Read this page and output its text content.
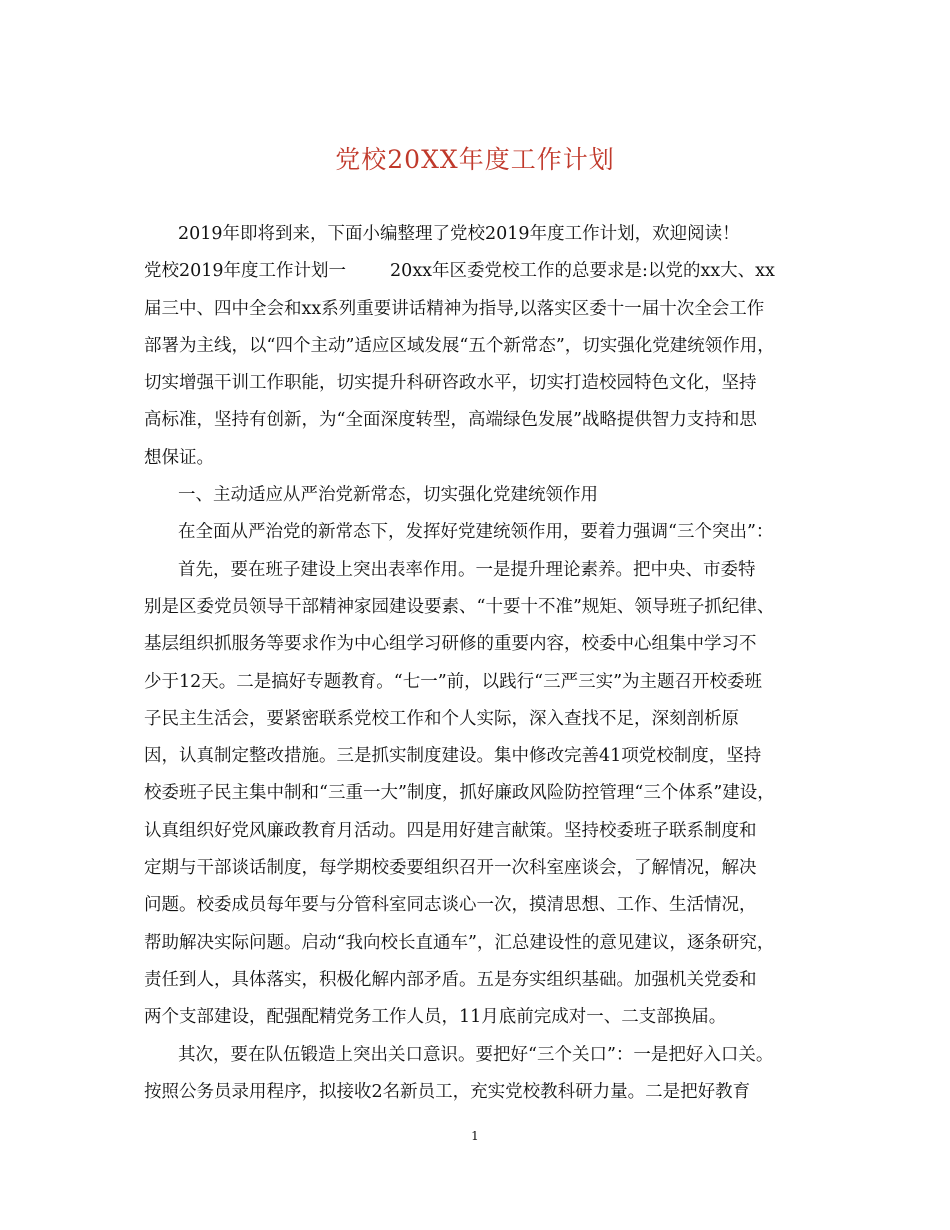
党校20XX年度工作计划
2019年即将到来，下面小编整理了党校2019年度工作计划，欢迎阅读！
党校2019年度工作计划一	20xx年区委党校工作的总要求是:以党的xx大、xx
届三中、四中全会和xx系列重要讲话精神为指导,以落实区委十一届十次全会工作
部署为主线，以“四个主动”适应区域发展“五个新常态”，切实强化党建统领作用，
切实增强干训工作职能，切实提升科研咨政水平，切实打造校园特色文化，坚持
高标准，坚持有创新，为“全面深度转型，高端绿色发展”战略提供智力支持和思
想保证。
一、主动适应从严治党新常态，切实强化党建统领作用
在全面从严治党的新常态下，发挥好党建统领作用，要着力强调“三个突出”：
首先，要在班子建设上突出表率作用。一是提升理论素养。把中央、市委特
别是区委党员领导干部精神家园建设要素、“十要十不准”规矩、领导班子抓纪律、
基层组织抓服务等要求作为中心组学习研修的重要内容，校委中心组集中学习不
少于12天。二是搞好专题教育。“七一”前，以践行“三严三实”为主题召开校委班
子民主生活会，要紧密联系党校工作和个人实际，深入查找不足，深刻剖析原
因，认真制定整改措施。三是抓实制度建设。集中修改完善41项党校制度，坚持
校委班子民主集中制和“三重一大”制度，抓好廉政风险防控管理“三个体系”建设，
认真组织好党风廉政教育月活动。四是用好建言献策。坚持校委班子联系制度和
定期与干部谈话制度，每学期校委要组织召开一次科室座谈会，了解情况，解决
问题。校委成员每年要与分管科室同志谈心一次，摸清思想、工作、生活情况，
帮助解决实际问题。启动“我向校长直通车”，汇总建设性的意见建议，逐条研究，
责任到人，具体落实，积极化解内部矛盾。五是夯实组织基础。加强机关党委和
两个支部建设，配强配精党务工作人员，11月底前完成对一、二支部换届。
其次，要在队伍锻造上突出关口意识。要把好“三个关口”：一是把好入口关。
按照公务员录用程序，拟接收2名新员工，充实党校教科研力量。二是把好教育
1
